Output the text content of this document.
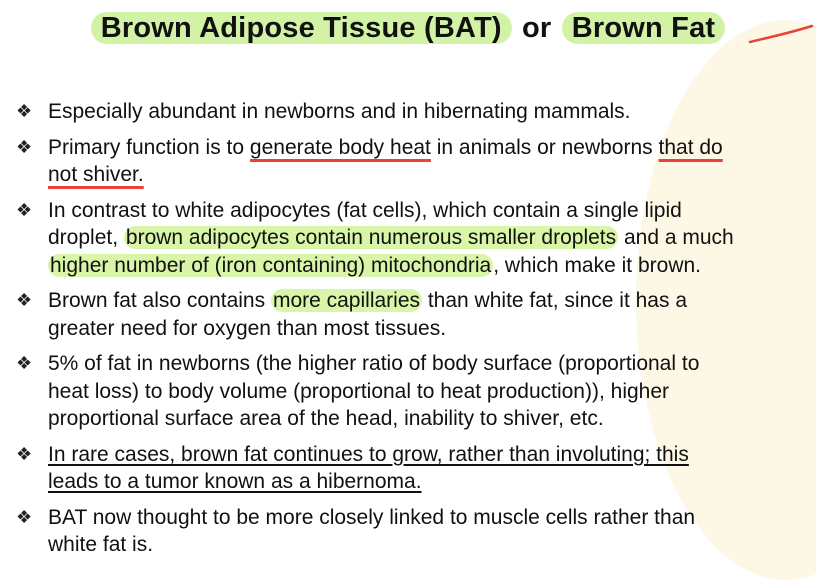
Brown Adipose Tissue (BAT) or Brown Fat
❖ Especially abundant in newborns and in hibernating mammals.
❖ Primary function is to generate body heat in animals or newborns that do
not shiver.
❖ In contrast to white adipocytes (fat cells), which contain a single lipid
droplet, brown adipocytes contain numerous smaller droplets and a much
higher number of (iron containing) mitochondria, which make it brown.
❖ Brown fat also contains more capillaries than white fat, since it has a
greater need for oxygen than most tissues.
❖ 5% of fat in newborns (the higher ratio of body surface (proportional to
heat loss) to body volume (proportional to heat production)), higher
proportional surface area of the head, inability to shiver, etc.
❖ In rare cases, brown fat continues to grow, rather than involuting; this
leads to a tumor known as a hibernoma.
❖ BAT now thought to be more closely linked to muscle cells rather than
white fat is.
